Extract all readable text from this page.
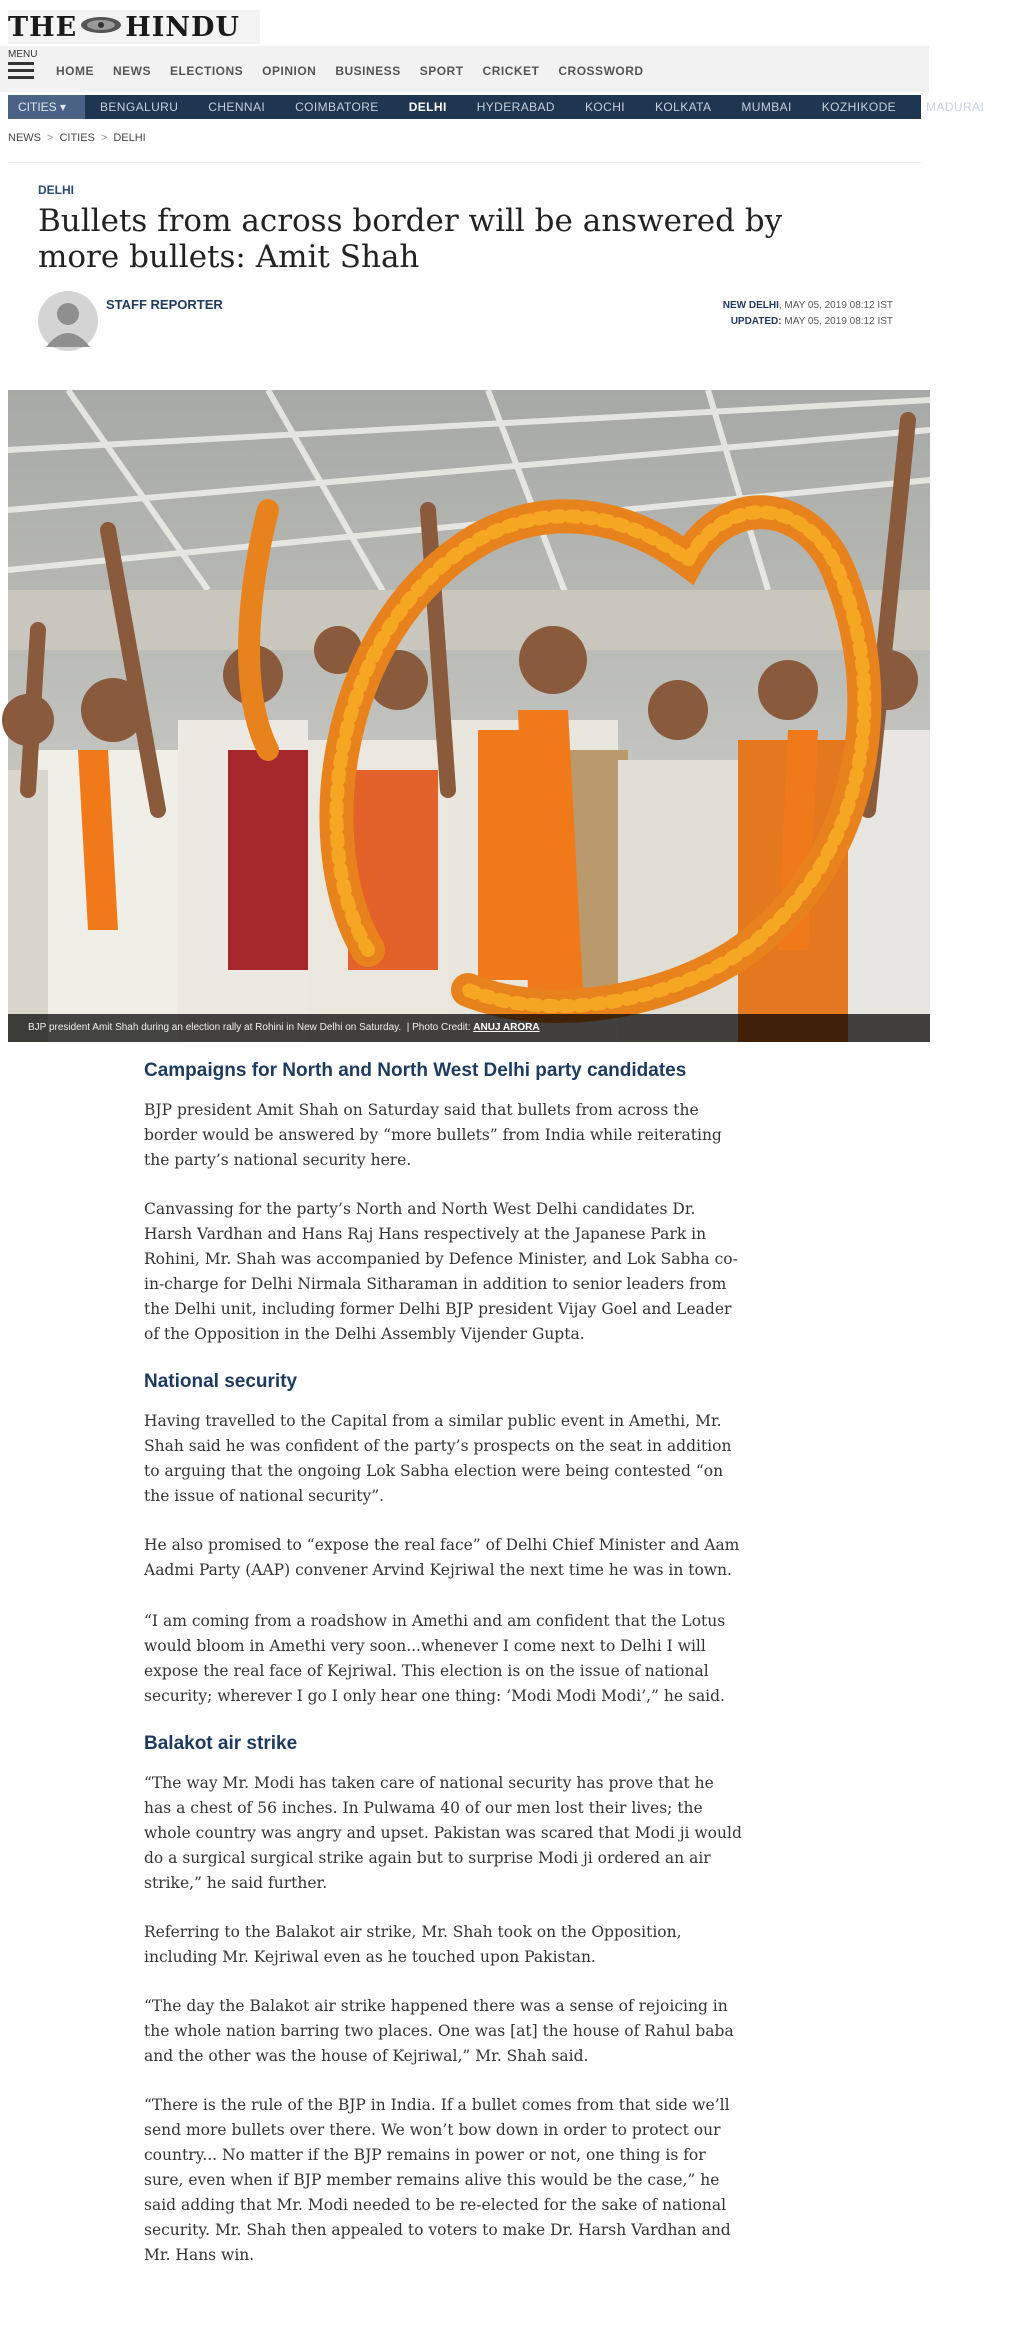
THE HINDU
MENU
HOME NEWS ELECTIONS OPINION BUSINESS SPORT CRICKET CROSSWORD
CITIES ▾	BENGALURU	CHENNAI	COIMBATORE	DELHI	HYDERABAD	KOCHI	KOLKATA	MUMBAI	KOZHIKODE	MADURAI
NEWS > CITIES > DELHI
DELHI
Bullets from across border will be answered by more bullets: Amit Shah
STAFF REPORTER	NEW DELHI, MAY 05, 2019 08:12 IST
UPDATED: MAY 05, 2019 08:12 IST
BJP president Amit Shah during an election rally at Rohini in New Delhi on Saturday. | Photo Credit: ANUJ ARORA
Campaigns for North and North West Delhi party candidates

BJP president Amit Shah on Saturday said that bullets from across the border would be answered by “more bullets” from India while reiterating the party’s national security here.

Canvassing for the party’s North and North West Delhi candidates Dr. Harsh Vardhan and Hans Raj Hans respectively at the Japanese Park in Rohini, Mr. Shah was accompanied by Defence Minister, and Lok Sabha co-in-charge for Delhi Nirmala Sitharaman in addition to senior leaders from the Delhi unit, including former Delhi BJP president Vijay Goel and Leader of the Opposition in the Delhi Assembly Vijender Gupta.

National security

Having travelled to the Capital from a similar public event in Amethi, Mr. Shah said he was confident of the party’s prospects on the seat in addition to arguing that the ongoing Lok Sabha election were being contested “on the issue of national security”.

He also promised to “expose the real face” of Delhi Chief Minister and Aam Aadmi Party (AAP) convener Arvind Kejriwal the next time he was in town.

“I am coming from a roadshow in Amethi and am confident that the Lotus would bloom in Amethi very soon...whenever I come next to Delhi I will expose the real face of Kejriwal. This election is on the issue of national security; wherever I go I only hear one thing: ‘Modi Modi Modi’,” he said.

Balakot air strike

“The way Mr. Modi has taken care of national security has prove that he has a chest of 56 inches. In Pulwama 40 of our men lost their lives; the whole country was angry and upset. Pakistan was scared that Modi ji would do a surgical surgical strike again but to surprise Modi ji ordered an air strike,” he said further.

Referring to the Balakot air strike, Mr. Shah took on the Opposition, including Mr. Kejriwal even as he touched upon Pakistan.

“The day the Balakot air strike happened there was a sense of rejoicing in the whole nation barring two places. One was [at] the house of Rahul baba and the other was the house of Kejriwal,” Mr. Shah said.

“There is the rule of the BJP in India. If a bullet comes from that side we’ll send more bullets over there. We won’t bow down in order to protect our country... No matter if the BJP remains in power or not, one thing is for sure, even when if BJP member remains alive this would be the case,” he said adding that Mr. Modi needed to be re-elected for the sake of national security. Mr. Shah then appealed to voters to make Dr. Harsh Vardhan and Mr. Hans win.
